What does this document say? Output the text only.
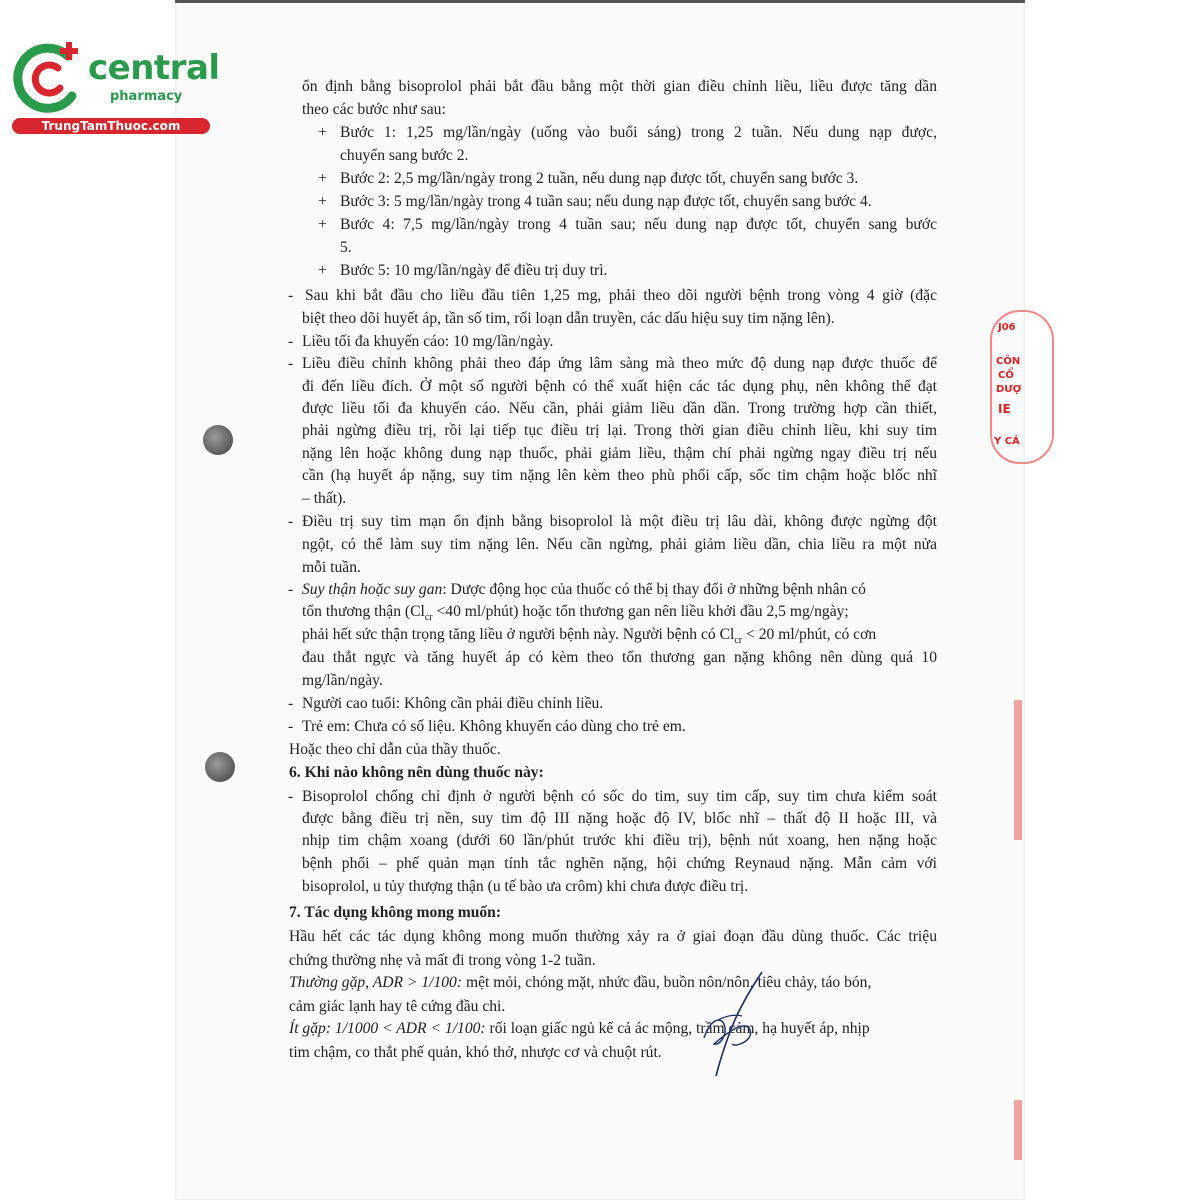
central
pharmacy
TrungTamThuoc.com
J06
CÔN
CỔ
DƯỢ
IE
Y CÁ
ổn định bằng bisoprolol phải bắt đầu bằng một thời gian điều chỉnh liều, liều được tăng dần
theo các bước như sau:
+ Bước 1: 1,25 mg/lần/ngày (uống vào buổi sáng) trong 2 tuần. Nếu dung nạp được,
chuyển sang bước 2.
+ Bước 2: 2,5 mg/lần/ngày trong 2 tuần, nếu dung nạp được tốt, chuyển sang bước 3.
+ Bước 3: 5 mg/lần/ngày trong 4 tuần sau; nếu dung nạp được tốt, chuyển sang bước 4.
+ Bước 4: 7,5 mg/lần/ngày trong 4 tuần sau; nếu dung nạp được tốt, chuyển sang bước
5.
+ Bước 5: 10 mg/lần/ngày để điều trị duy trì.
- Sau khi bắt đầu cho liều đầu tiên 1,25 mg, phải theo dõi người bệnh trong vòng 4 giờ (đặc
biệt theo dõi huyết áp, tần số tim, rối loạn dẫn truyền, các dấu hiệu suy tim nặng lên).
- Liều tối đa khuyến cáo: 10 mg/lần/ngày.
- Liều điều chỉnh không phải theo đáp ứng lâm sàng mà theo mức độ dung nạp được thuốc để
đi đến liều đích. Ở một số người bệnh có thể xuất hiện các tác dụng phụ, nên không thể đạt
được liều tối đa khuyến cáo. Nếu cần, phải giảm liều dần dần. Trong trường hợp cần thiết,
phải ngừng điều trị, rồi lại tiếp tục điều trị lại. Trong thời gian điều chỉnh liều, khi suy tim
nặng lên hoặc không dung nạp thuốc, phải giảm liều, thậm chí phải ngừng ngay điều trị nếu
cần (hạ huyết áp nặng, suy tim nặng lên kèm theo phù phổi cấp, sốc tim chậm hoặc blốc nhĩ
– thất).
- Điều trị suy tim mạn ổn định bằng bisoprolol là một điều trị lâu dài, không được ngừng đột
ngột, có thể làm suy tim nặng lên. Nếu cần ngừng, phải giảm liều dần, chia liều ra một nửa
mỗi tuần.
- Suy thận hoặc suy gan: Dược động học của thuốc có thể bị thay đổi ở những bệnh nhân có
tổn thương thận ($Cl_{cr} <40$ ml/phút) hoặc tổn thương gan nên liều khởi đầu 2,5 mg/ngày;
phải hết sức thận trọng tăng liều ở người bệnh này. Người bệnh có $Cl_{cr} < 20$ ml/phút, có cơn
đau thắt ngực và tăng huyết áp có kèm theo tổn thương gan nặng không nên dùng quá 10
mg/lần/ngày.
- Người cao tuổi: Không cần phải điều chỉnh liều.
- Trẻ em: Chưa có số liệu. Không khuyến cáo dùng cho trẻ em.
Hoặc theo chỉ dẫn của thầy thuốc.
6. Khi nào không nên dùng thuốc này:
- Bisoprolol chống chỉ định ở người bệnh có sốc do tim, suy tim cấp, suy tim chưa kiểm soát
được bằng điều trị nền, suy tim độ III nặng hoặc độ IV, blốc nhĩ – thất độ II hoặc III, và
nhịp tim chậm xoang (dưới 60 lần/phút trước khi điều trị), bệnh nút xoang, hen nặng hoặc
bệnh phổi – phế quản mạn tính tắc nghẽn nặng, hội chứng Reynaud nặng. Mẫn cảm với
bisoprolol, u tủy thượng thận (u tế bào ưa crôm) khi chưa được điều trị.
7. Tác dụng không mong muốn:
Hầu hết các tác dụng không mong muốn thường xảy ra ở giai đoạn đầu dùng thuốc. Các triệu
chứng thường nhẹ và mất đi trong vòng 1-2 tuần.
Thường gặp, ADR > 1/100: mệt mỏi, chóng mặt, nhức đầu, buồn nôn/nôn, tiêu chảy, táo bón,
cảm giác lạnh hay tê cứng đầu chi.
Ít gặp: 1/1000 < ADR < 1/100: rối loạn giấc ngủ kể cả ác mộng, trầm cảm, hạ huyết áp, nhịp
tim chậm, co thắt phế quản, khó thở, nhược cơ và chuột rút.
